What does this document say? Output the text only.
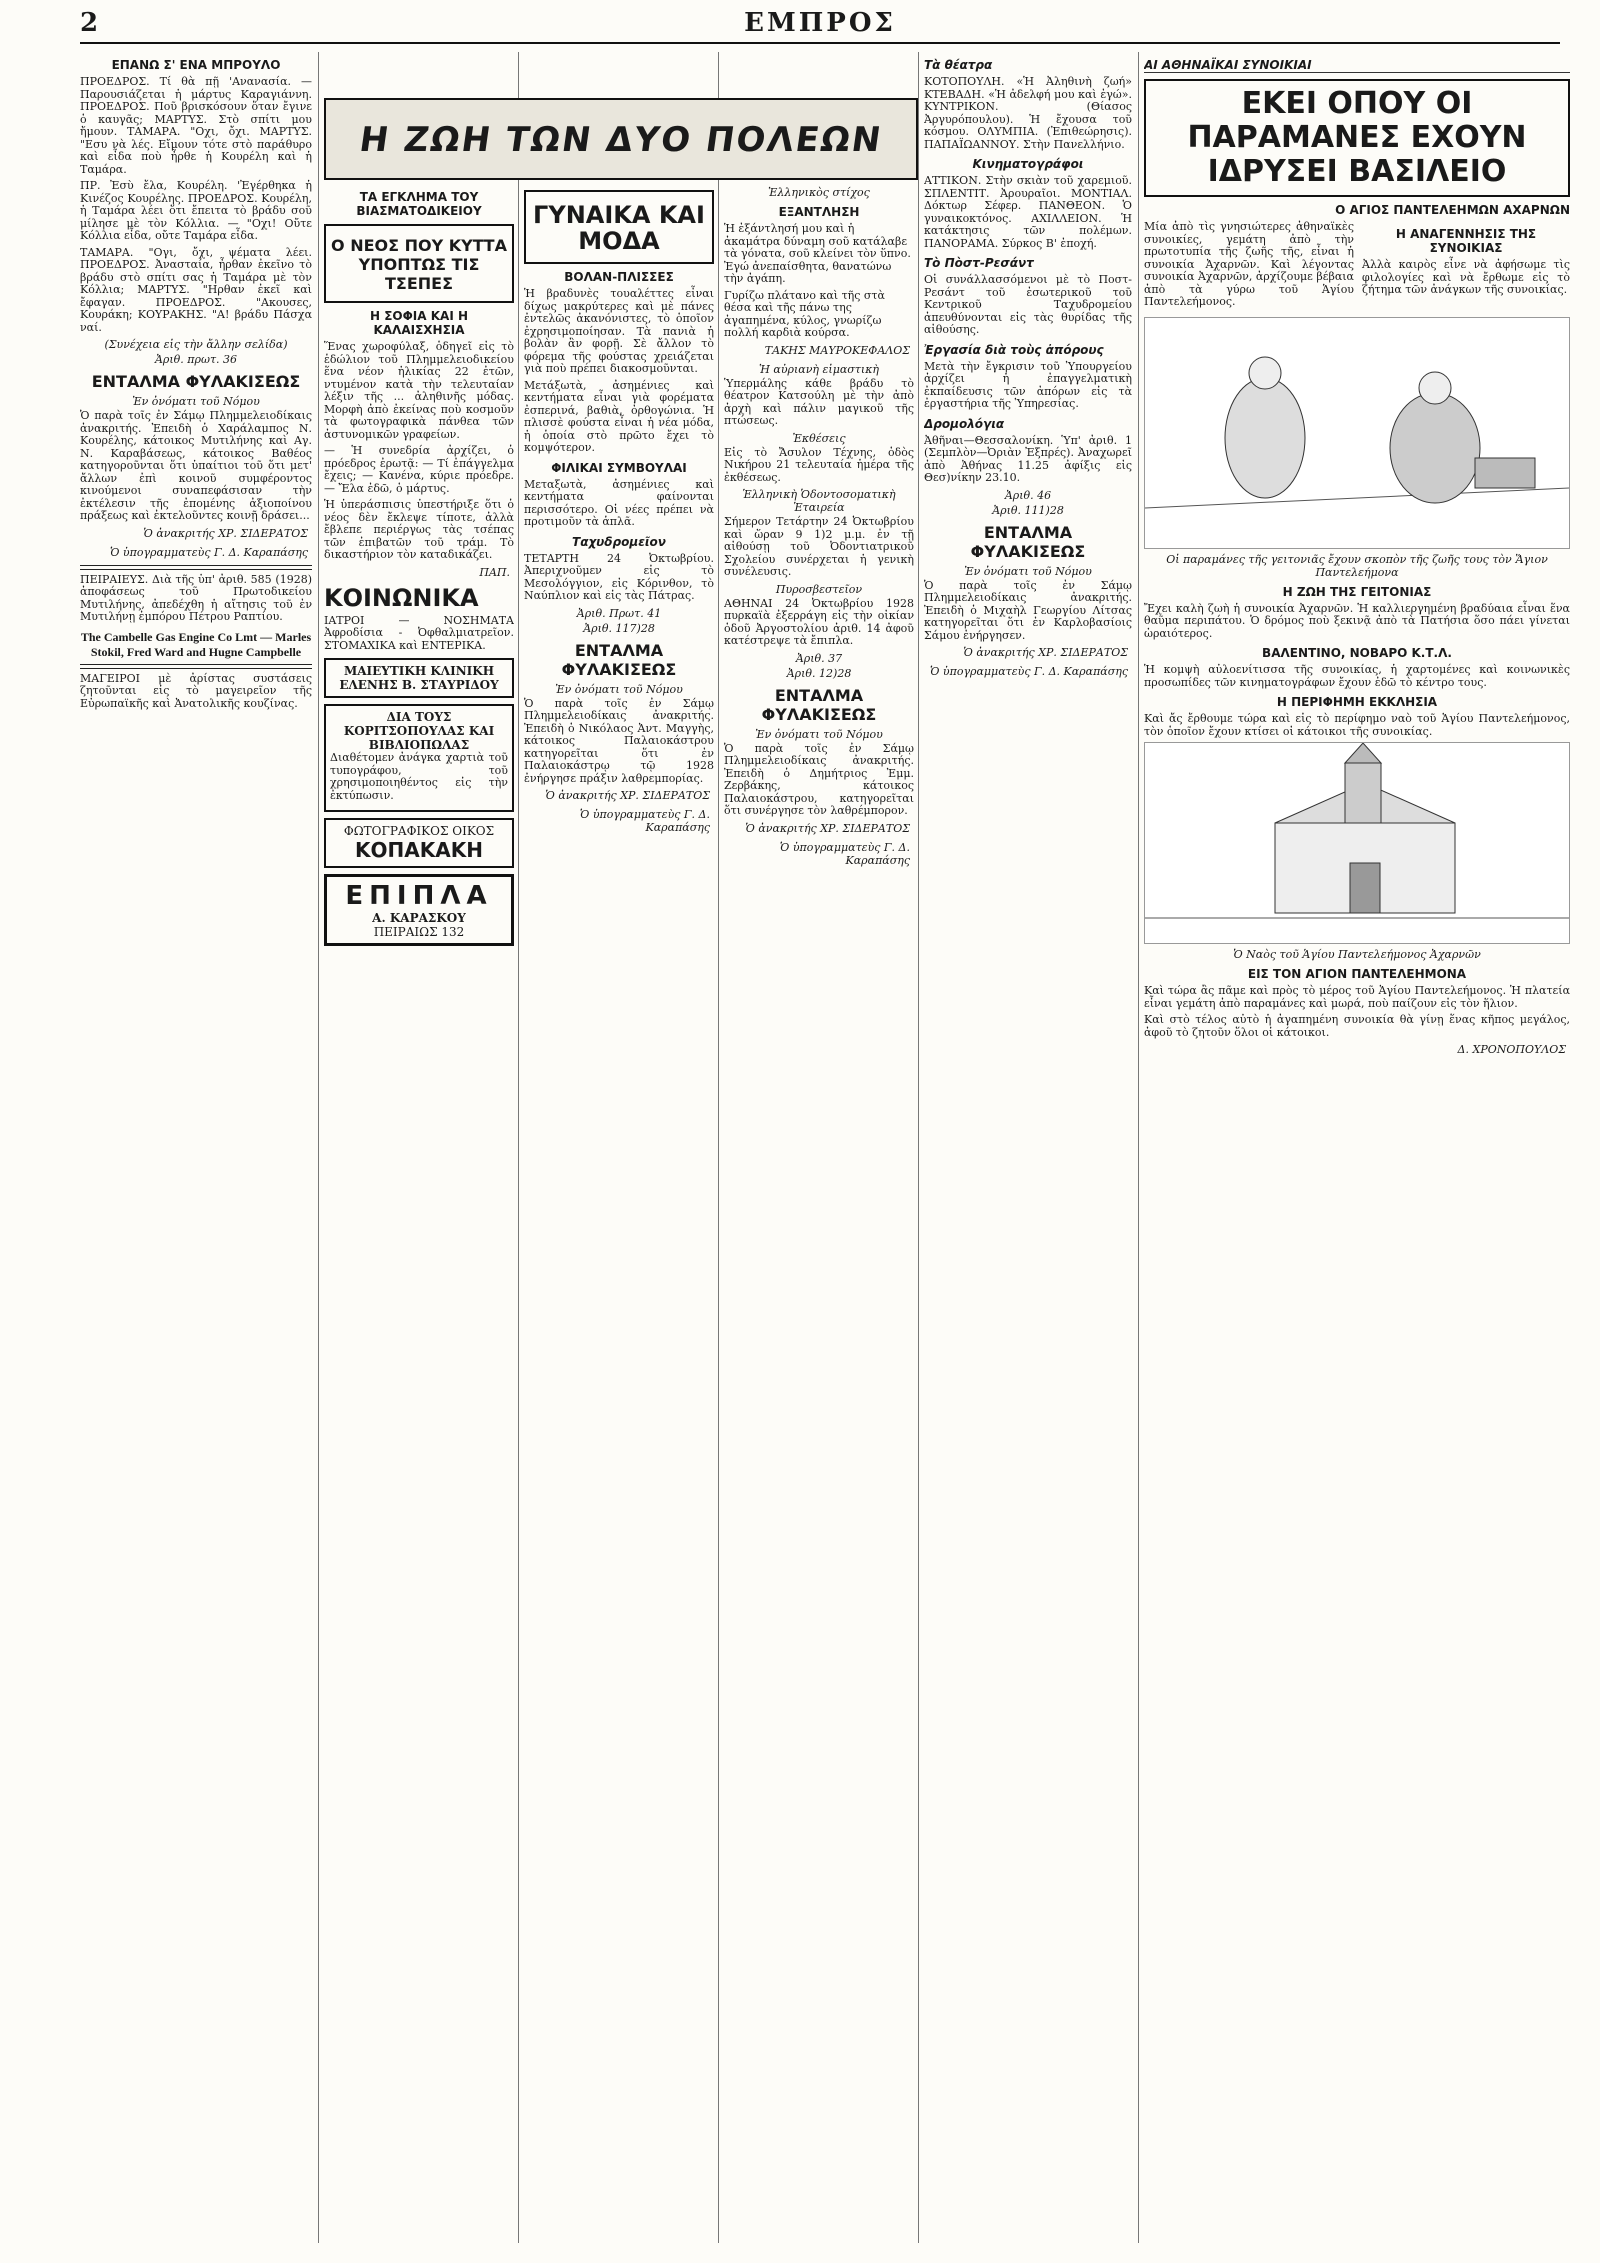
2	ΕΜΠΡΟΣ
ΕΠΑΝΩ Σ' ΕΝΑ ΜΠΡΟΥΛΟ

ΠΡΟΕΔΡΟΣ. Τί θὰ πῇ 'Ανανασία. — Παρουσιάζεται ἡ μάρτυς Καραγιάννη. ΠΡΟΕΔΡΟΣ. Ποῦ βρισκόσουν ὅταν ἔγινε ὁ καυγᾶς; ΜΑΡΤΥΣ. Στὸ σπίτι μου ἤμουν. ΤΑΜΑΡΑ. "Οχι, ὄχι. ΜΑΡΤΥΣ. "Εσυ νὰ λές. Εἴμουν τότε στὸ παράθυρο καὶ εἶδα ποὺ ἦρθε ἡ Κουρέλη καὶ ἡ Ταμάρα.

ΠΡ. Ἐσὺ ἔλα, Κουρέλη. 'Ἐγέρθηκα ἡ Κινέζος Κουρέλης. ΠΡΟΕΔΡΟΣ. Κουρέλη, ἡ Ταμάρα λέει ὅτι ἔπειτα τὸ βράδυ σοῦ μίλησε μὲ τὸν Κόλλια. — "Οχι! Οὔτε Κόλλια εἶδα, οὔτε Ταμάρα εἶδα.

ΤΑΜΑΡΑ. "Ογι, ὄχι, ψέματα λέει. ΠΡΟΕΔΡΟΣ. Ἀνασταία, ἦρθαν ἐκεῖνο τὸ βράδυ στὸ σπίτι σας ἡ Ταμάρα μὲ τὸν Κόλλια; ΜΑΡΤΥΣ. "Ηρθαν ἐκεῖ καὶ ἔφαγαν. ΠΡΟΕΔΡΟΣ. "Ακουσες, Κουράκη; ΚΟΥΡΑΚΗΣ. "Α! βράδυ Πάσχα ναί.

(Συνέχεια εἰς τὴν ἄλλην σελίδα)
Ἀριθ. πρωτ. 36
ΕΝΤΑΛΜΑ ΦΥΛΑΚΙΣΕΩΣ
Ἐν ὀνόματι τοῦ Νόμου

Ὁ παρὰ τοῖς ἐν Σάμῳ Πλημμελειοδίκαις ἀνακριτής. Ἐπειδὴ ὁ Χαράλαμπος Ν. Κουρέλης, κάτοικος Μυτιλήνης καὶ Αγ. Ν. Καραβάσεως, κάτοικος Βαθέος κατηγοροῦνται ὅτι ὑπαίτιοι τοῦ ὅτι μετ' ἄλλων ἐπὶ κοινοῦ συμφέροντος κινούμενοι συναπεφάσισαν τὴν ἐκτέλεσιν τῆς ἐπομένης ἀξιοποίνου πράξεως καὶ ἐκτελοῦντες κοινῇ δράσει...

Ὁ ἀνακριτής ΧΡ. ΣΙΔΕΡΑΤΟΣ
Ὁ ὑπογραμματεὺς Γ. Δ. Καραπάσης

ΠΕΙΡΑΙΕΥΣ. Διὰ τῆς ὑπ' ἀριθ. 585 (1928) ἀποφάσεως τοῦ Πρωτοδικείου Μυτιλήνης, ἀπεδέχθη ἡ αἴτησις τοῦ ἐν Μυτιλήνῃ ἐμπόρου Πέτρου Ραπτίου.

The Cambelle Gas Engine Co Lmt — Marles Stokil, Fred Ward and Hugne Campbelle

ΜΑΓΕΙΡΟΙ μὲ ἀρίστας συστάσεις ζητοῦνται εἰς τὸ μαγειρεῖον τῆς Εὐρωπαϊκῆς καὶ Ἀνατολικῆς κουζίνας.

Η ΖΩΗ ΤΩΝ ΔΥΟ ΠΟΛΕΩΝ
ΤΑ ΕΓΚΛΗΜΑ ΤΟΥ ΒΙΑΣΜΑΤΟΔΙΚΕΙΟΥ
Ο ΝΕΟΣ ΠΟΥ ΚΥΤΤΑ ΥΠΟΠΤΩΣ ΤΙΣ ΤΣΕΠΕΣ
Η ΣΟΦΙΑ ΚΑΙ Η ΚΑΛΑΙΣΧΗΣΙΑ

Ἕνας χωροφύλαξ, ὁδηγεῖ εἰς τὸ ἑδώλιον τοῦ Πλημμελειοδικείου ἕνα νέον ἡλικίας 22 ἐτῶν, ντυμένον κατὰ τὴν τελευταίαν λέξιν τῆς ... ἀληθινῆς μόδας. Μορφὴ ἀπὸ ἐκείνας ποὺ κοσμοῦν τὰ φωτογραφικὰ πάνθεα τῶν ἀστυνομικῶν γραφείων.

— Ἡ συνεδρία ἀρχίζει, ὁ πρόεδρος ἐρωτᾷ: — Τί ἐπάγγελμα ἔχεις; — Κανένα, κύριε πρόεδρε. — Ἔλα ἐδῶ, ὁ μάρτυς.

Ἡ ὑπεράσπισις ὑπεστήριξε ὅτι ὁ νέος δὲν ἔκλεψε τίποτε, ἀλλὰ ἔβλεπε περιέργως τὰς τσέπας τῶν ἐπιβατῶν τοῦ τράμ. Τὸ δικαστήριον τὸν καταδικάζει.

ΠΑΠ.
ΚΟΙΝΩΝΙΚΑ

ΙΑΤΡΟΙ — ΝΟΣΗΜΑΤΑ Ἀφροδίσια - Ὀφθαλμιατρεῖον. ΣΤΟΜΑΧΙΚΑ καὶ ΕΝΤΕΡΙΚΑ.

ΜΑΙΕΥΤΙΚΗ ΚΛΙΝΙΚΗ ΕΛΕΝΗΣ Β. ΣΤΑΥΡΙΔΟΥ
ΔΙΑ ΤΟΥΣ ΚΟΡΙΤΣΟΠΟΥΛΑΣ ΚΑΙ ΒΙΒΛΙΟΠΩΛΑΣ

Διαθέτομεν ἀνάγκα χαρτιὰ τοῦ τυπογράφου, τοῦ χρησιμοποιηθέντος εἰς τὴν ἐκτύπωσιν.

ΦΩΤΟΓΡΑΦΙΚΟΣ ΟΙΚΟΣ
ΚΟΠΑΚΑΚΗ
ΕΠΙΠΛΑ
Α. ΚΑΡΑΣΚΟΥ
ΠΕΙΡΑΙΩΣ 132
ΓΥΝΑΙΚΑ ΚΑΙ ΜΟΔΑ
ΒΟΛΑΝ-ΠΛΙΣΣΕΣ

Ἡ βραδυνὲς τουαλέττες εἶναι δίχως μακρύτερες καὶ μὲ πάνες ἐντελῶς ἀκανόνιστες, τὸ ὁποῖον ἐχρησιμοποίησαν. Τὰ πανιὰ ἡ βολὰν ἂν φορῇ. Σὲ ἄλλον τὸ φόρεμα τῆς φούστας χρειάζεται γιὰ ποὺ πρέπει διακοσμοῦνται.

Μετάξωτὰ, ἀσημένιες καὶ κεντήματα εἶναι γιὰ φορέματα ἐσπερινά, βαθιὰ, ὀρθογώνια. Ἡ πλισσὲ φούστα εἶναι ἡ νέα μόδα, ἡ ὁποία στὸ πρῶτο ἔχει τὸ κομψότερον.

ΦΙΛΙΚΑΙ ΣΥΜΒΟΥΛΑΙ

Μεταξωτὰ, ἀσημένιες καὶ κεντήματα φαίνονται περισσότερο. Οἱ νέες πρέπει νὰ προτιμοῦν τὰ ἁπλᾶ.

Ταχυδρομεῖον

ΤΕΤΑΡΤΗ 24 Ὀκτωβρίου. Ἀπεριχνοῦμεν εἰς τὸ Μεσολόγγιον, εἰς Κόρινθον, τὸ Ναύπλιον καὶ εἰς τὰς Πάτρας.

Ἀριθ. Πρωτ. 41
Ἀριθ. 117)28
ΕΝΤΑΛΜΑ ΦΥΛΑΚΙΣΕΩΣ
Ἐν ὀνόματι τοῦ Νόμου

Ὁ παρὰ τοῖς ἐν Σάμῳ Πλημμελειοδίκαις ἀνακριτής. Ἐπειδὴ ὁ Νικόλαος Ἀντ. Μαγγὴς, κάτοικος Παλαιοκάστρου κατηγορεῖται ὅτι ἐν Παλαιοκάστρῳ τῷ 1928 ἐνήργησε πράξιν λαθρεμπορίας.

Ὁ ἀνακριτής ΧΡ. ΣΙΔΕΡΑΤΟΣ
Ὁ ὑπογραμματεὺς Γ. Δ. Καραπάσης
Ἑλληνικὸς στίχος
ΕΞΑΝΤΛΗΣΗ

Ἡ ἐξάντλησή μου καὶ ἡ ἀκαμάτρα δύναμη σοῦ κατάλαβε τὰ γόνατα, σοῦ κλείνει τὸν ὕπνο. Ἐγώ ἀνεπαίσθητα, θανατώνω τὴν ἀγάπη.

Γυρίζω πλάτανο καὶ τῆς στὰ θέσα καὶ τῆς πάνω της ἀγαπημένα, κύλος, γνωρίζω πολλή καρδιὰ κούρσα.

ΤΑΚΗΣ ΜΑΥΡΟΚΕΦΑΛΟΣ
Ἡ αὐριανὴ εἰμαστικὴ

Ὑπερμάλης κάθε βράδυ τὸ θέατρον Κατσούλη μὲ τὴν ἀπὸ ἀρχὴ καὶ πάλιν μαγικοῦ τῆς πτώσεως.

Ἐκθέσεις

Εἰς τὸ Ἄσυλον Τέχνης, ὁδὸς Νικήρου 21 τελευταία ἡμέρα τῆς ἐκθέσεως.

Ἑλληνικὴ Ὁδοντοσοματικὴ Ἑταιρεία

Σήμερον Τετάρτην 24 Ὀκτωβρίου καὶ ὥραν 9 1)2 μ.μ. ἐν τῇ αἰθούσῃ τοῦ Ὀδοντιατρικοῦ Σχολείου συνέρχεται ἡ γενικὴ συνέλευσις.

Πυροσβεστεῖον

ΑΘΗΝΑΙ 24 Ὀκτωβρίου 1928 πυρκαϊὰ ἐξερράγη εἰς τὴν οἰκίαν ὁδοῦ Ἀργοστολίου ἀριθ. 14 ἀφοῦ κατέστρεψε τὰ ἔπιπλα.

Ἀριθ. 37
Ἀριθ. 12)28
ΕΝΤΑΛΜΑ ΦΥΛΑΚΙΣΕΩΣ
Ἐν ὀνόματι τοῦ Νόμου

Ὁ παρὰ τοῖς ἐν Σάμῳ Πλημμελειοδίκαις ἀνακριτής. Ἐπειδὴ ὁ Δημήτριος Ἐμμ. Ζερβάκης, κάτοικος Παλαιοκάστρου, κατηγορεῖται ὅτι συνέργησε τὸν λαθρέμπορον.

Ὁ ἀνακριτής ΧΡ. ΣΙΔΕΡΑΤΟΣ
Ὁ ὑπογραμματεὺς Γ. Δ. Καραπάσης
Τὰ θέατρα

ΚΟΤΟΠΟΥΛΗ. «Ἡ Ἀληθινὴ ζωή» ΚΤΕΒΑΔΗ. «Ἡ ἀδελφή μου καὶ ἐγώ». ΚΥΝΤΡΙΚΟΝ. (Θίασος Ἀργυρόπουλου). Ἡ ἔχουσα τοῦ κόσμου. ΟΛΥΜΠΙΑ. (Ἐπιθεώρησις). ΠΑΠΑΪΩΑΝΝΟΥ. Στὴν Πανελλήνιο.

Κινηματογράφοι

ΑΤΤΙΚΟΝ. Στὴν σκιὰν τοῦ χαρεμιοῦ. ΣΠΛΕΝΤΙΤ. Ἀρουραῖοι. ΜΟΝΤΙΑΛ. Δόκτωρ Σέφερ. ΠΑΝΘΕΟΝ. Ὁ γυναικοκτόνος. ΑΧΙΛΛΕΙΟΝ. Ἡ κατάκτησις τῶν πολέμων. ΠΑΝΟΡΑΜΑ. Σύρκος Β' ἐποχή.

Τὸ Πὸστ-Ρεσάντ

Οἱ συνάλλασσόμενοι μὲ τὸ Ποστ-Ρεσάντ τοῦ ἐσωτερικοῦ τοῦ Κεντρικοῦ Ταχυδρομείου ἀπευθύνονται εἰς τὰς θυρίδας τῆς αἰθούσης.

Ἐργασία διὰ τοὺς ἀπόρους

Μετὰ τὴν ἔγκρισιν τοῦ Ὑπουργείου ἀρχίζει ἡ ἐπαγγελματικὴ ἐκπαίδευσις τῶν ἀπόρων εἰς τὰ ἐργαστήρια τῆς Ὑπηρεσίας.

Δρομολόγια

Ἀθῆναι—Θεσσαλονίκη. Ὑπ' ἀριθ. 1 (Σεμπλὸν—Ὀριὰν Ἐξπρές). Ἀναχωρεῖ ἀπὸ Ἀθήνας 11.25 ἀφίξις εἰς Θεσ)νίκην 23.10.

Ἀριθ. 46
Ἀριθ. 111)28
ΕΝΤΑΛΜΑ ΦΥΛΑΚΙΣΕΩΣ
Ἐν ὀνόματι τοῦ Νόμου

Ὁ παρὰ τοῖς ἐν Σάμῳ Πλημμελειοδίκαις ἀνακριτής. Ἐπειδὴ ὁ Μιχαὴλ Γεωργίου Λίτσας κατηγορεῖται ὅτι ἐν Καρλοβασίοις Σάμου ἐνήργησεν.

Ὁ ἀνακριτής ΧΡ. ΣΙΔΕΡΑΤΟΣ
Ὁ ὑπογραμματεὺς Γ. Δ. Καραπάσης
ΑΙ ΑΘΗΝΑΪΚΑΙ ΣΥΝΟΙΚΙΑΙ
ΕΚΕΙ ΟΠΟΥ ΟΙ ΠΑΡΑΜΑΝΕΣ ΕΧΟΥΝ ΙΔΡΥΣΕΙ ΒΑΣΙΛΕΙΟ
Ο ΑΓΙΟΣ ΠΑΝΤΕΛΕΗΜΩΝ ΑΧΑΡΝΩΝ

Μία ἀπὸ τὶς γνησιώτερες ἀθηναϊκὲς συνοικίες, γεμάτη ἀπὸ τὴν πρωτοτυπία τῆς ζωῆς τῆς, εἶναι ἡ συνοικία Ἀχαρνῶν. Καὶ λέγοντας συνοικία Ἀχαρνῶν, ἀρχίζουμε βέβαια ἀπὸ τὰ γύρω τοῦ Ἁγίου Παντελεήμονος.

Η ΑΝΑΓΕΝΝΗΣΙΣ ΤΗΣ ΣΥΝΟΙΚΙΑΣ

Ἀλλὰ καιρὸς εἶνε νὰ ἀφήσωμε τὶς φιλολογίες καὶ νὰ ἔρθωμε εἰς τὸ ζήτημα τῶν ἀνάγκων τῆς συνοικίας.

Οἱ παραμάνες τῆς γειτονιᾶς ἔχουν σκοπὸν τῆς ζωῆς τους τὸν Ἅγιον Παντελεήμονα
Η ΖΩΗ ΤΗΣ ΓΕΙΤΟΝΙΑΣ

Ἔχει καλὴ ζωὴ ἡ συνοικία Ἀχαρνῶν. Ἡ καλλιεργημένη βραδύαια εἶναι ἕνα θαῦμα περιπάτου. Ὁ δρόμος ποὺ ξεκινᾷ ἀπὸ τὰ Πατήσια ὅσο πάει γίνεται ὡραιότερος.

ΒΑΛΕΝΤΙΝΟ, ΝΟΒΑΡΟ Κ.Τ.Λ.

Ἡ κομψὴ αὐλοενίτισσα τῆς συνοικίας, ἡ χαρτομένες καὶ κοινωνικὲς προσωπίδες τῶν κινηματογράφων ἔχουν ἐδῶ τὸ κέντρο τους.

Η ΠΕΡΙΦΗΜΗ ΕΚΚΛΗΣΙΑ

Καὶ ἄς ἔρθουμε τώρα καὶ εἰς τὸ περίφημο ναὸ τοῦ Ἁγίου Παντελεήμονος, τὸν ὁποῖον ἔχουν κτίσει οἱ κάτοικοι τῆς συνοικίας.

Ὁ Ναὸς τοῦ Ἁγίου Παντελεήμονος Ἀχαρνῶν
ΕΙΣ ΤΟΝ ΑΓΙΟΝ ΠΑΝΤΕΛΕΗΜΟΝΑ

Καὶ τώρα ἂς πᾶμε καὶ πρὸς τὸ μέρος τοῦ Ἁγίου Παντελεήμονος. Ἡ πλατεία εἶναι γεμάτη ἀπὸ παραμάνες καὶ μωρά, ποὺ παίζουν εἰς τὸν ἥλιον.

Καὶ στὸ τέλος αὐτὸ ἡ ἀγαπημένη συνοικία θὰ γίνῃ ἕνας κῆπος μεγάλος, ἀφοῦ τὸ ζητοῦν ὅλοι οἱ κάτοικοι.

Δ. ΧΡΟΝΟΠΟΥΛΟΣ
